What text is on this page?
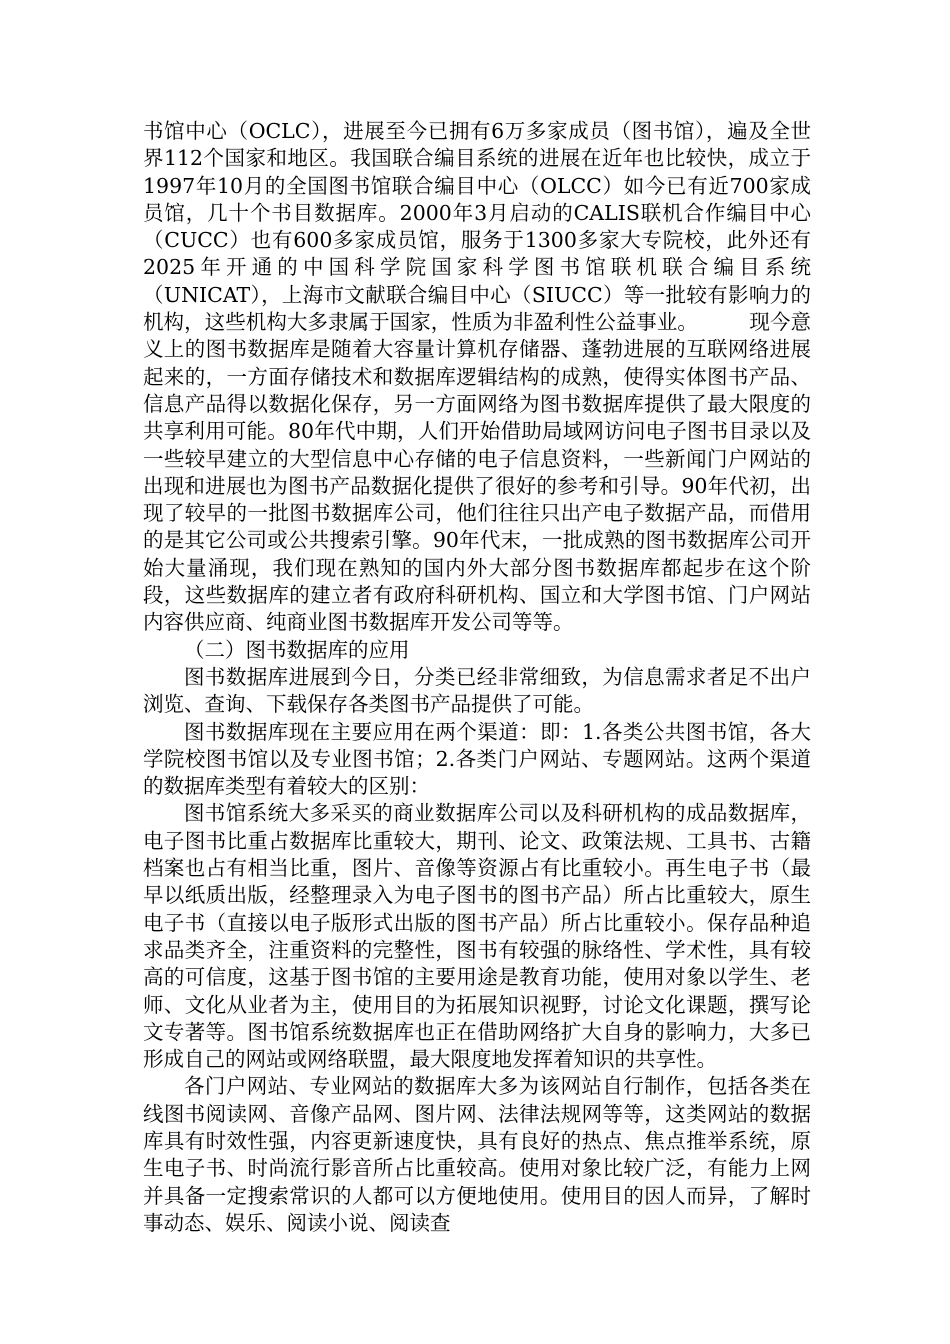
书馆中心（OCLC），进展至今已拥有6万多家成员（图书馆），遍及全世界112个国家和地区。我国联合编目系统的进展在近年也比较快，成立于1997年10月的全国图书馆联合编目中心（OLCC）如今已有近700家成员馆，几十个书目数据库。2000年3月启动的CALIS联机合作编目中心（CUCC）也有600多家成员馆，服务于1300多家大专院校，此外还有2025年开通的中国科学院国家科学图书馆联机联合编目系统（UNICAT），上海市文献联合编目中心（SIUCC）等一批较有影响力的机构，这些机构大多隶属于国家，性质为非盈利性公益事业。　　　现今意义上的图书数据库是随着大容量计算机存储器、蓬勃进展的互联网络进展起来的，一方面存储技术和数据库逻辑结构的成熟，使得实体图书产品、信息产品得以数据化保存，另一方面网络为图书数据库提供了最大限度的共享利用可能。80年代中期，人们开始借助局域网访问电子图书目录以及一些较早建立的大型信息中心存储的电子信息资料，一些新闻门户网站的出现和进展也为图书产品数据化提供了很好的参考和引导。90年代初，出现了较早的一批图书数据库公司，他们往往只出产电子数据产品，而借用的是其它公司或公共搜索引擎。90年代末，一批成熟的图书数据库公司开始大量涌现，我们现在熟知的国内外大部分图书数据库都起步在这个阶段，这些数据库的建立者有政府科研机构、国立和大学图书馆、门户网站内容供应商、纯商业图书数据库开发公司等等。

（二）图书数据库的应用

图书数据库进展到今日，分类已经非常细致，为信息需求者足不出户浏览、查询、下载保存各类图书产品提供了可能。

图书数据库现在主要应用在两个渠道：即：1.各类公共图书馆，各大学院校图书馆以及专业图书馆；2.各类门户网站、专题网站。这两个渠道的数据库类型有着较大的区别：

图书馆系统大多采买的商业数据库公司以及科研机构的成品数据库，电子图书比重占数据库比重较大，期刊、论文、政策法规、工具书、古籍档案也占有相当比重，图片、音像等资源占有比重较小。再生电子书（最早以纸质出版，经整理录入为电子图书的图书产品）所占比重较大，原生电子书（直接以电子版形式出版的图书产品）所占比重较小。保存品种追求品类齐全，注重资料的完整性，图书有较强的脉络性、学术性，具有较高的可信度，这基于图书馆的主要用途是教育功能，使用对象以学生、老师、文化从业者为主，使用目的为拓展知识视野，讨论文化课题，撰写论文专著等。图书馆系统数据库也正在借助网络扩大自身的影响力，大多已形成自己的网站或网络联盟，最大限度地发挥着知识的共享性。

各门户网站、专业网站的数据库大多为该网站自行制作，包括各类在线图书阅读网、音像产品网、图片网、法律法规网等等，这类网站的数据库具有时效性强，内容更新速度快，具有良好的热点、焦点推举系统，原生电子书、时尚流行影音所占比重较高。使用对象比较广泛，有能力上网并具备一定搜索常识的人都可以方便地使用。使用目的因人而异，了解时事动态、娱乐、阅读小说、阅读查
